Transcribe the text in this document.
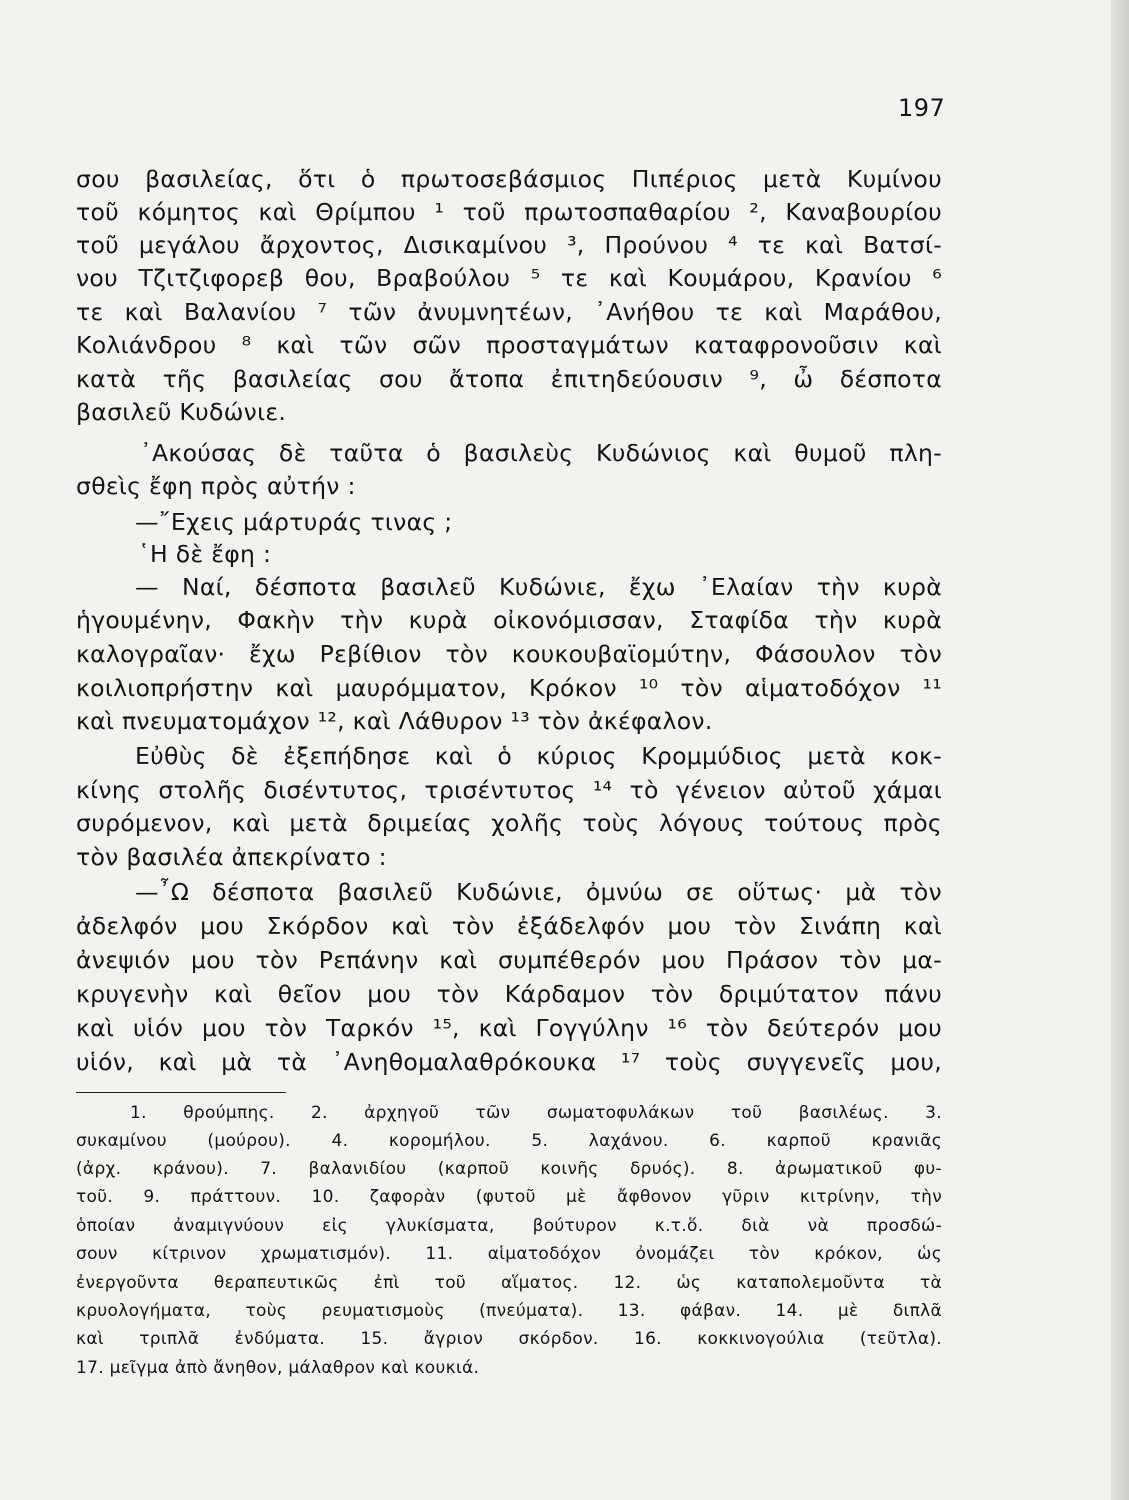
197
σου βασιλείας, ὅτι ὁ πρωτοσεβάσμιος Πιπέριος μετὰ Κυμίνου
τοῦ κόμητος καὶ Θρίμπου ¹ τοῦ πρωτοσπαθαρίου ², Καναβουρίου
τοῦ μεγάλου ἄρχοντος, Δισικαμίνου ³, Προύνου ⁴ τε καὶ Βατσί-
νου Τζιτζιφορεβ θου, Βραβούλου ⁵ τε καὶ Κουμάρου, Κρανίου ⁶
τε καὶ Βαλανίου ⁷ τῶν ἀνυμνητέων, ᾿Ανήθου τε καὶ Μαράθου,
Κολιάνδρου ⁸ καὶ τῶν σῶν προσταγμάτων καταφρονοῦσιν καὶ
κατὰ τῆς βασιλείας σου ἄτοπα ἐπιτηδεύουσιν ⁹, ὦ δέσποτα
βασιλεῦ Κυδώνιε.
᾿Ακούσας δὲ ταῦτα ὁ βασιλεὺς Κυδώνιος καὶ θυμοῦ πλη-
σθεὶς ἔφη πρὸς αὐτήν :
—῎Εχεις μάρτυράς τινας ;
῾Η δὲ ἔφη :
— Ναί, δέσποτα βασιλεῦ Κυδώνιε, ἔχω ᾿Ελαίαν τὴν κυρὰ
ἡγουμένην, Φακὴν τὴν κυρὰ οἰκονόμισσαν, Σταφίδα τὴν κυρὰ
καλογραῖαν· ἔχω Ρεβίθιον τὸν κουκουβαϊομύτην, Φάσουλον τὸν
κοιλιοπρήστην καὶ μαυρόμματον, Κρόκον ¹⁰ τὸν αἱματοδόχον ¹¹
καὶ πνευματομάχον ¹², καὶ Λάθυρον ¹³ τὸν ἀκέφαλον.
Εὐθὺς δὲ ἐξεπήδησε καὶ ὁ κύριος Κρομμύδιος μετὰ κοκ-
κίνης στολῆς δισέντυτος, τρισέντυτος ¹⁴ τὸ γένειον αὐτοῦ χάμαι
συρόμενον, καὶ μετὰ δριμείας χολῆς τοὺς λόγους τούτους πρὸς
τὸν βασιλέα ἀπεκρίνατο :
—῏Ω δέσποτα βασιλεῦ Κυδώνιε, ὀμνύω σε οὕτως· μὰ τὸν
ἀδελφόν μου Σκόρδον καὶ τὸν ἐξάδελφόν μου τὸν Σινάπη καὶ
ἀνεψιόν μου τὸν Ρεπάνην καὶ συμπέθερόν μου Πράσον τὸν μα-
κρυγενὴν καὶ θεῖον μου τὸν Κάρδαμον τὸν δριμύτατον πάνυ
καὶ υἱόν μου τὸν Ταρκόν ¹⁵, καὶ Γογγύλην ¹⁶ τὸν δεύτερόν μου
υἱόν, καὶ μὰ τὰ ᾿Ανηθομαλαθρόκουκα ¹⁷ τοὺς συγγενεῖς μου,
1. θρούμπης. 2. ἀρχηγοῦ τῶν σωματοφυλάκων τοῦ βασιλέως. 3.
συκαμίνου (μούρου). 4. κορομήλου. 5. λαχάνου. 6. καρποῦ κρανιᾶς
(ἀρχ. κράνου). 7. βαλανιδίου (καρποῦ κοινῆς δρυός). 8. ἀρωματικοῦ φυ-
τοῦ. 9. πράττουν. 10. ζαφορὰν (φυτοῦ μὲ ἄφθονον γῦριν κιτρίνην, τὴν
ὁποίαν ἀναμιγνύουν εἰς γλυκίσματα, βούτυρον κ.τ.ὅ. διὰ νὰ προσδώ-
σουν κίτρινον χρωματισμόν). 11. αἱματοδόχον ὀνομάζει τὸν κρόκον, ὡς
ἐνεργοῦντα θεραπευτικῶς ἐπὶ τοῦ αἵματος. 12. ὡς καταπολεμοῦντα τὰ
κρυολογήματα, τοὺς ρευματισμοὺς (πνεύματα). 13. φάβαν. 14. μὲ διπλᾶ
καὶ τριπλᾶ ἐνδύματα. 15. ἄγριον σκόρδον. 16. κοκκινογούλια (τεῦτλα).
17. μεῖγμα ἀπὸ ἄνηθον, μάλαθρον καὶ κουκιά.
